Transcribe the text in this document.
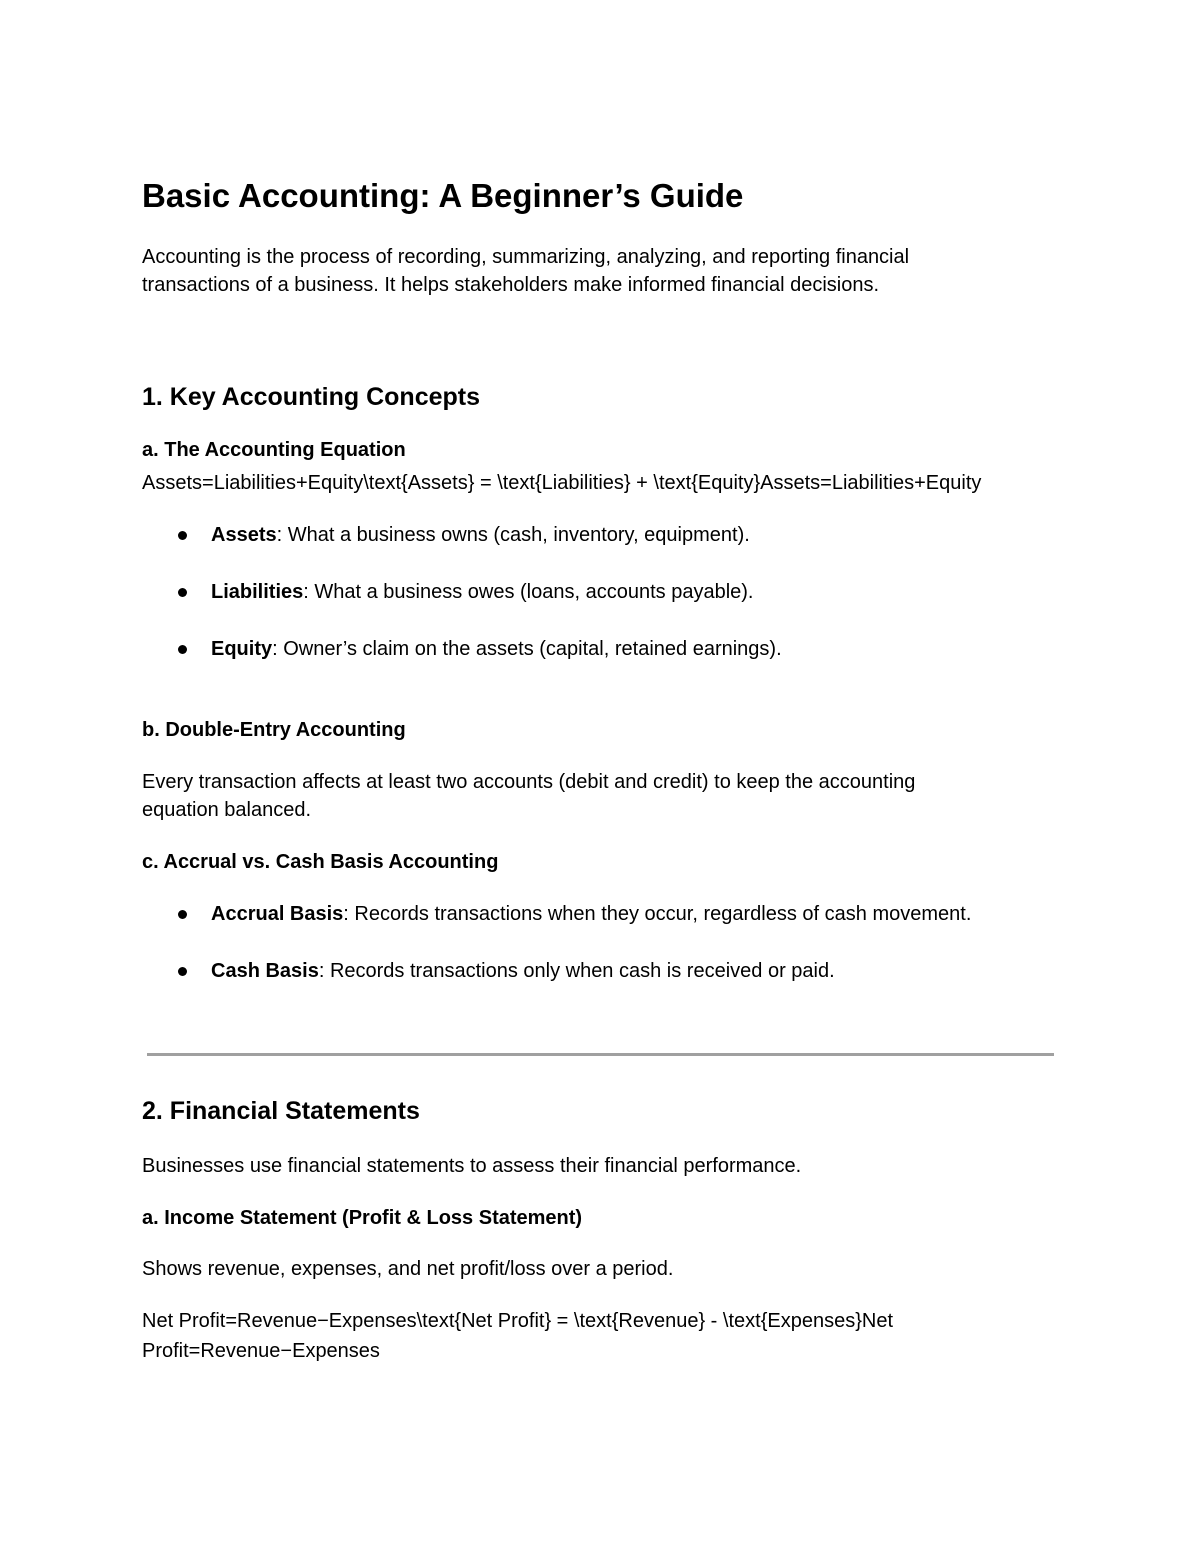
Basic Accounting: A Beginner’s Guide
Accounting is the process of recording, summarizing, analyzing, and reporting financial
transactions of a business. It helps stakeholders make informed financial decisions.
1. Key Accounting Concepts
a. The Accounting Equation
Assets=Liabilities+Equity\text{Assets} = \text{Liabilities} + \text{Equity}Assets=Liabilities+Equity
Assets: What a business owns (cash, inventory, equipment).
Liabilities: What a business owes (loans, accounts payable).
Equity: Owner’s claim on the assets (capital, retained earnings).
b. Double-Entry Accounting
Every transaction affects at least two accounts (debit and credit) to keep the accounting
equation balanced.
c. Accrual vs. Cash Basis Accounting
Accrual Basis: Records transactions when they occur, regardless of cash movement.
Cash Basis: Records transactions only when cash is received or paid.
2. Financial Statements
Businesses use financial statements to assess their financial performance.
a. Income Statement (Profit & Loss Statement)
Shows revenue, expenses, and net profit/loss over a period.
Net Profit=Revenue−Expenses\text{Net Profit} = \text{Revenue} - \text{Expenses}Net
Profit=Revenue−Expenses
